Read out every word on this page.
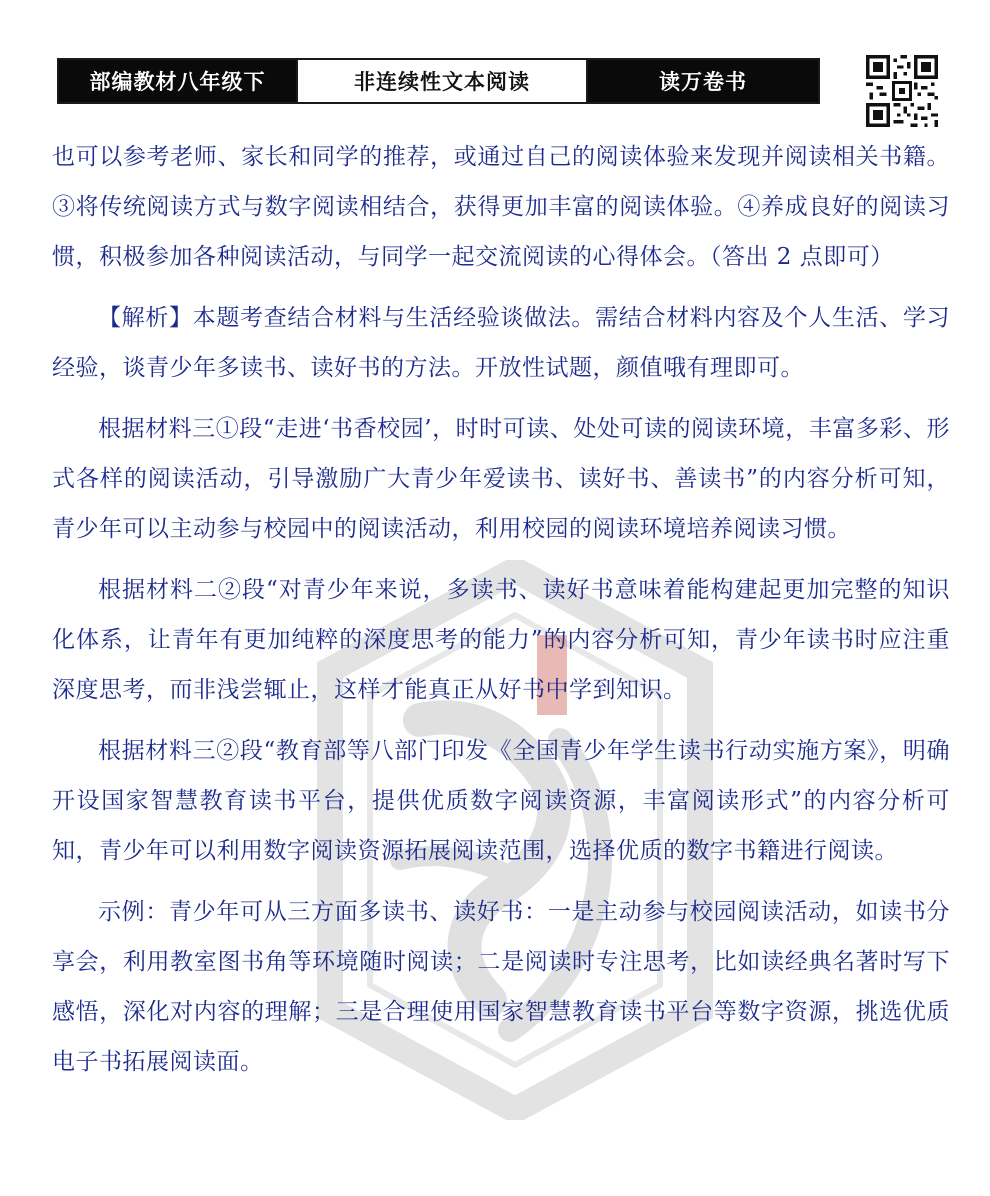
部编教材八年级下	非连续性文本阅读	读万卷书

也可以参考老师、家长和同学的推荐，或通过自己的阅读体验来发现并阅读相关书籍。③将传统阅读方式与数字阅读相结合，获得更加丰富的阅读体验。④养成良好的阅读习惯，积极参加各种阅读活动，与同学一起交流阅读的心得体会。（答出 2 点即可）

【解析】本题考查结合材料与生活经验谈做法。需结合材料内容及个人生活、学习经验，谈青少年多读书、读好书的方法。开放性试题，颜值哦有理即可。

根据材料三①段“走进‘书香校园’，时时可读、处处可读的阅读环境，丰富多彩、形式各样的阅读活动，引导激励广大青少年爱读书、读好书、善读书”的内容分析可知，青少年可以主动参与校园中的阅读活动，利用校园的阅读环境培养阅读习惯。

根据材料二②段“对青少年来说，多读书、读好书意味着能构建起更加完整的知识化体系，让青年有更加纯粹的深度思考的能力”的内容分析可知，青少年读书时应注重深度思考，而非浅尝辄止，这样才能真正从好书中学到知识。

根据材料三②段“教育部等八部门印发《全国青少年学生读书行动实施方案》，明确开设国家智慧教育读书平台，提供优质数字阅读资源，丰富阅读形式”的内容分析可知，青少年可以利用数字阅读资源拓展阅读范围，选择优质的数字书籍进行阅读。

示例：青少年可从三方面多读书、读好书：一是主动参与校园阅读活动，如读书分享会，利用教室图书角等环境随时阅读；二是阅读时专注思考，比如读经典名著时写下感悟，深化对内容的理解；三是合理使用国家智慧教育读书平台等数字资源，挑选优质电子书拓展阅读面。
